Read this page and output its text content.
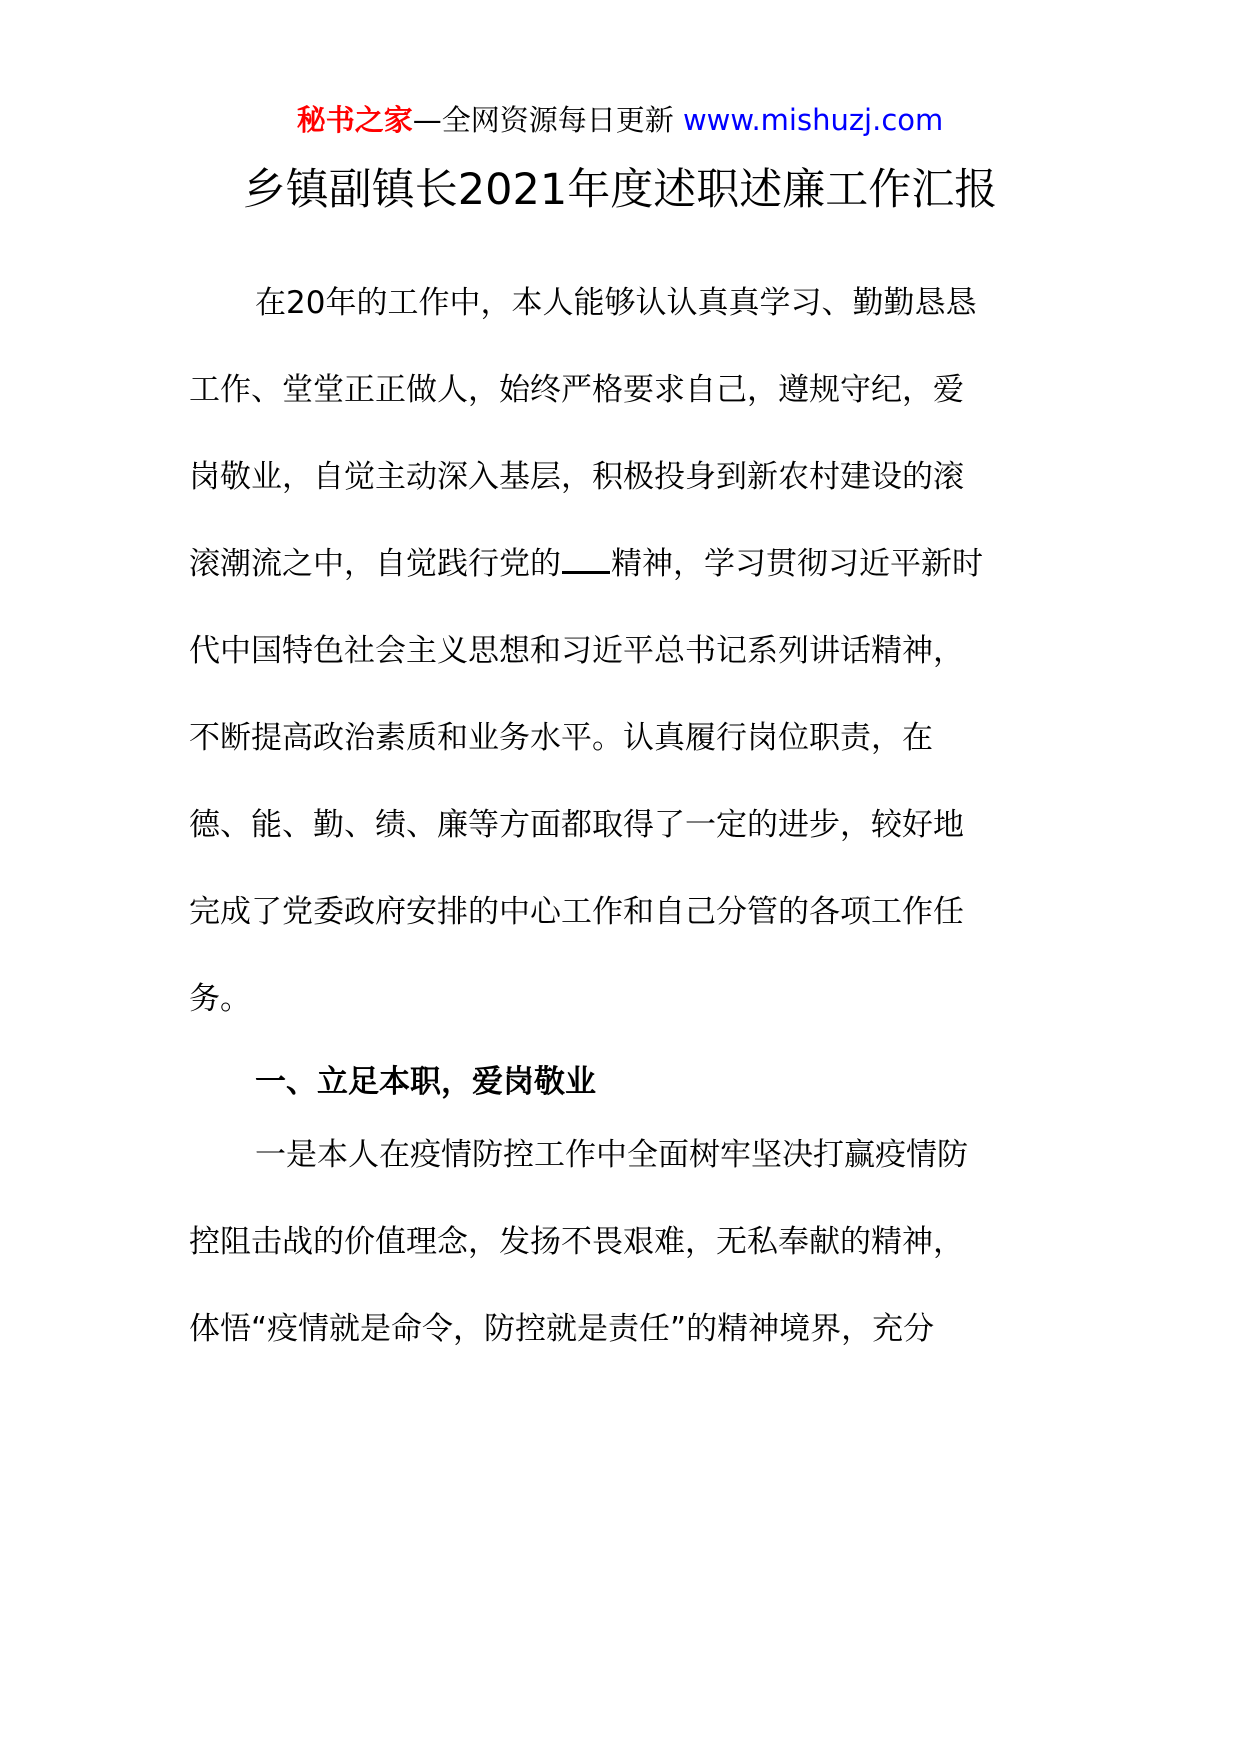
秘书之家—全网资源每日更新 www.mishuzj.com
乡镇副镇长2021年度述职述廉工作汇报
在20年的工作中，本人能够认认真真学习、勤勤恳恳
工作、堂堂正正做人，始终严格要求自己，遵规守纪，爱
岗敬业，自觉主动深入基层，积极投身到新农村建设的滚
滚潮流之中，自觉践行党的 精神，学习贯彻习近平新时
代中国特色社会主义思想和习近平总书记系列讲话精神，
不断提高政治素质和业务水平。认真履行岗位职责，在
德、能、勤、绩、廉等方面都取得了一定的进步，较好地
完成了党委政府安排的中心工作和自己分管的各项工作任
务。
一、立足本职，爱岗敬业
一是本人在疫情防控工作中全面树牢坚决打赢疫情防
控阻击战的价值理念，发扬不畏艰难，无私奉献的精神，
体悟“疫情就是命令，防控就是责任”的精神境界，充分
